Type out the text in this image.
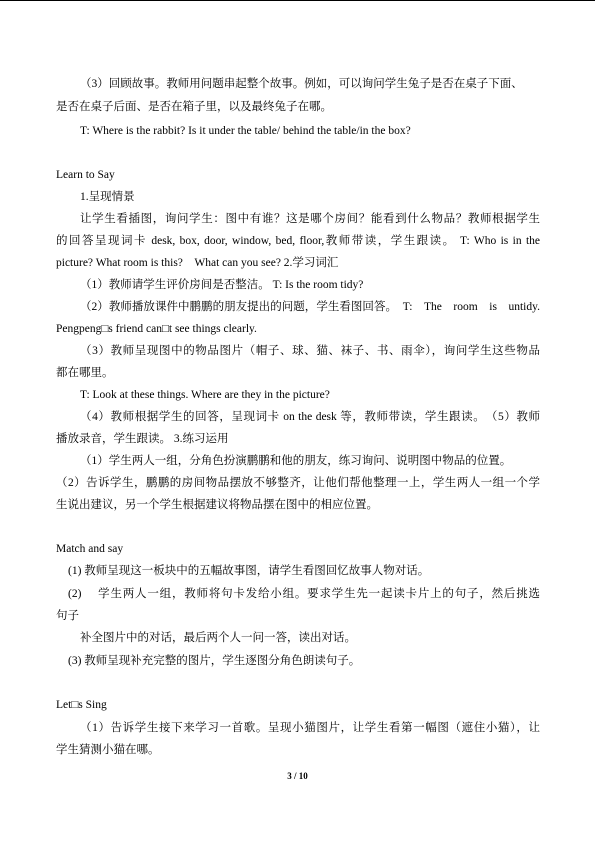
（3）回顾故事。教师用问题串起整个故事。例如，可以询问学生兔子是否在桌子下面、
是否在桌子后面、是否在箱子里，以及最终兔子在哪。
T: Where is the rabbit? Is it under the table/ behind the table/in the box?
Learn to Say
1.呈现情景
让学生看插图，询问学生：图中有谁？这是哪个房间？能看到什么物品？教师根据学生
的回答呈现词卡 desk, box, door, window, bed, floor,教师带读，学生跟读。 T: Who is in the
picture? What room is this?　What can you see? 2.学习词汇
（1）教师请学生评价房间是否整洁。 T: Is the room tidy?
（2）教师播放课件中鹏鹏的朋友提出的问题，学生看图回答。　T:　The　room　is　untidy.
Pengpeng□s friend can□t see things clearly.
（3）教师呈现图中的物品图片（帽子、球、猫、袜子、书、雨伞），询问学生这些物品
都在哪里。
T: Look at these things. Where are they in the picture?
（4）教师根据学生的回答，呈现词卡 on the desk 等，教师带读，学生跟读。　（5）教师
播放录音，学生跟读。 3.练习运用
（1）学生两人一组，分角色扮演鹏鹏和他的朋友，练习询问、说明图中物品的位置。
（2）告诉学生，鹏鹏的房间物品摆放不够整齐，让他们帮他整理一上，学生两人一组一个学
生说出建议，另一个学生根据建议将物品摆在图中的相应位置。
Match and say
(1) 教师呈现这一板块中的五幅故事图，请学生看图回忆故事人物对话。
(2)　 学生两人一组，教师将句卡发给小组。要求学生先一起读卡片上的句子，然后挑选
句子
补全图片中的对话，最后两个人一问一答，读出对话。
(3) 教师呈现补充完整的图片，学生逐图分角色朗读句子。
Let□s Sing
（1）告诉学生接下来学习一首歌。呈现小猫图片，让学生看第一幅图（遮住小猫），让
学生猜测小猫在哪。
3 / 10
